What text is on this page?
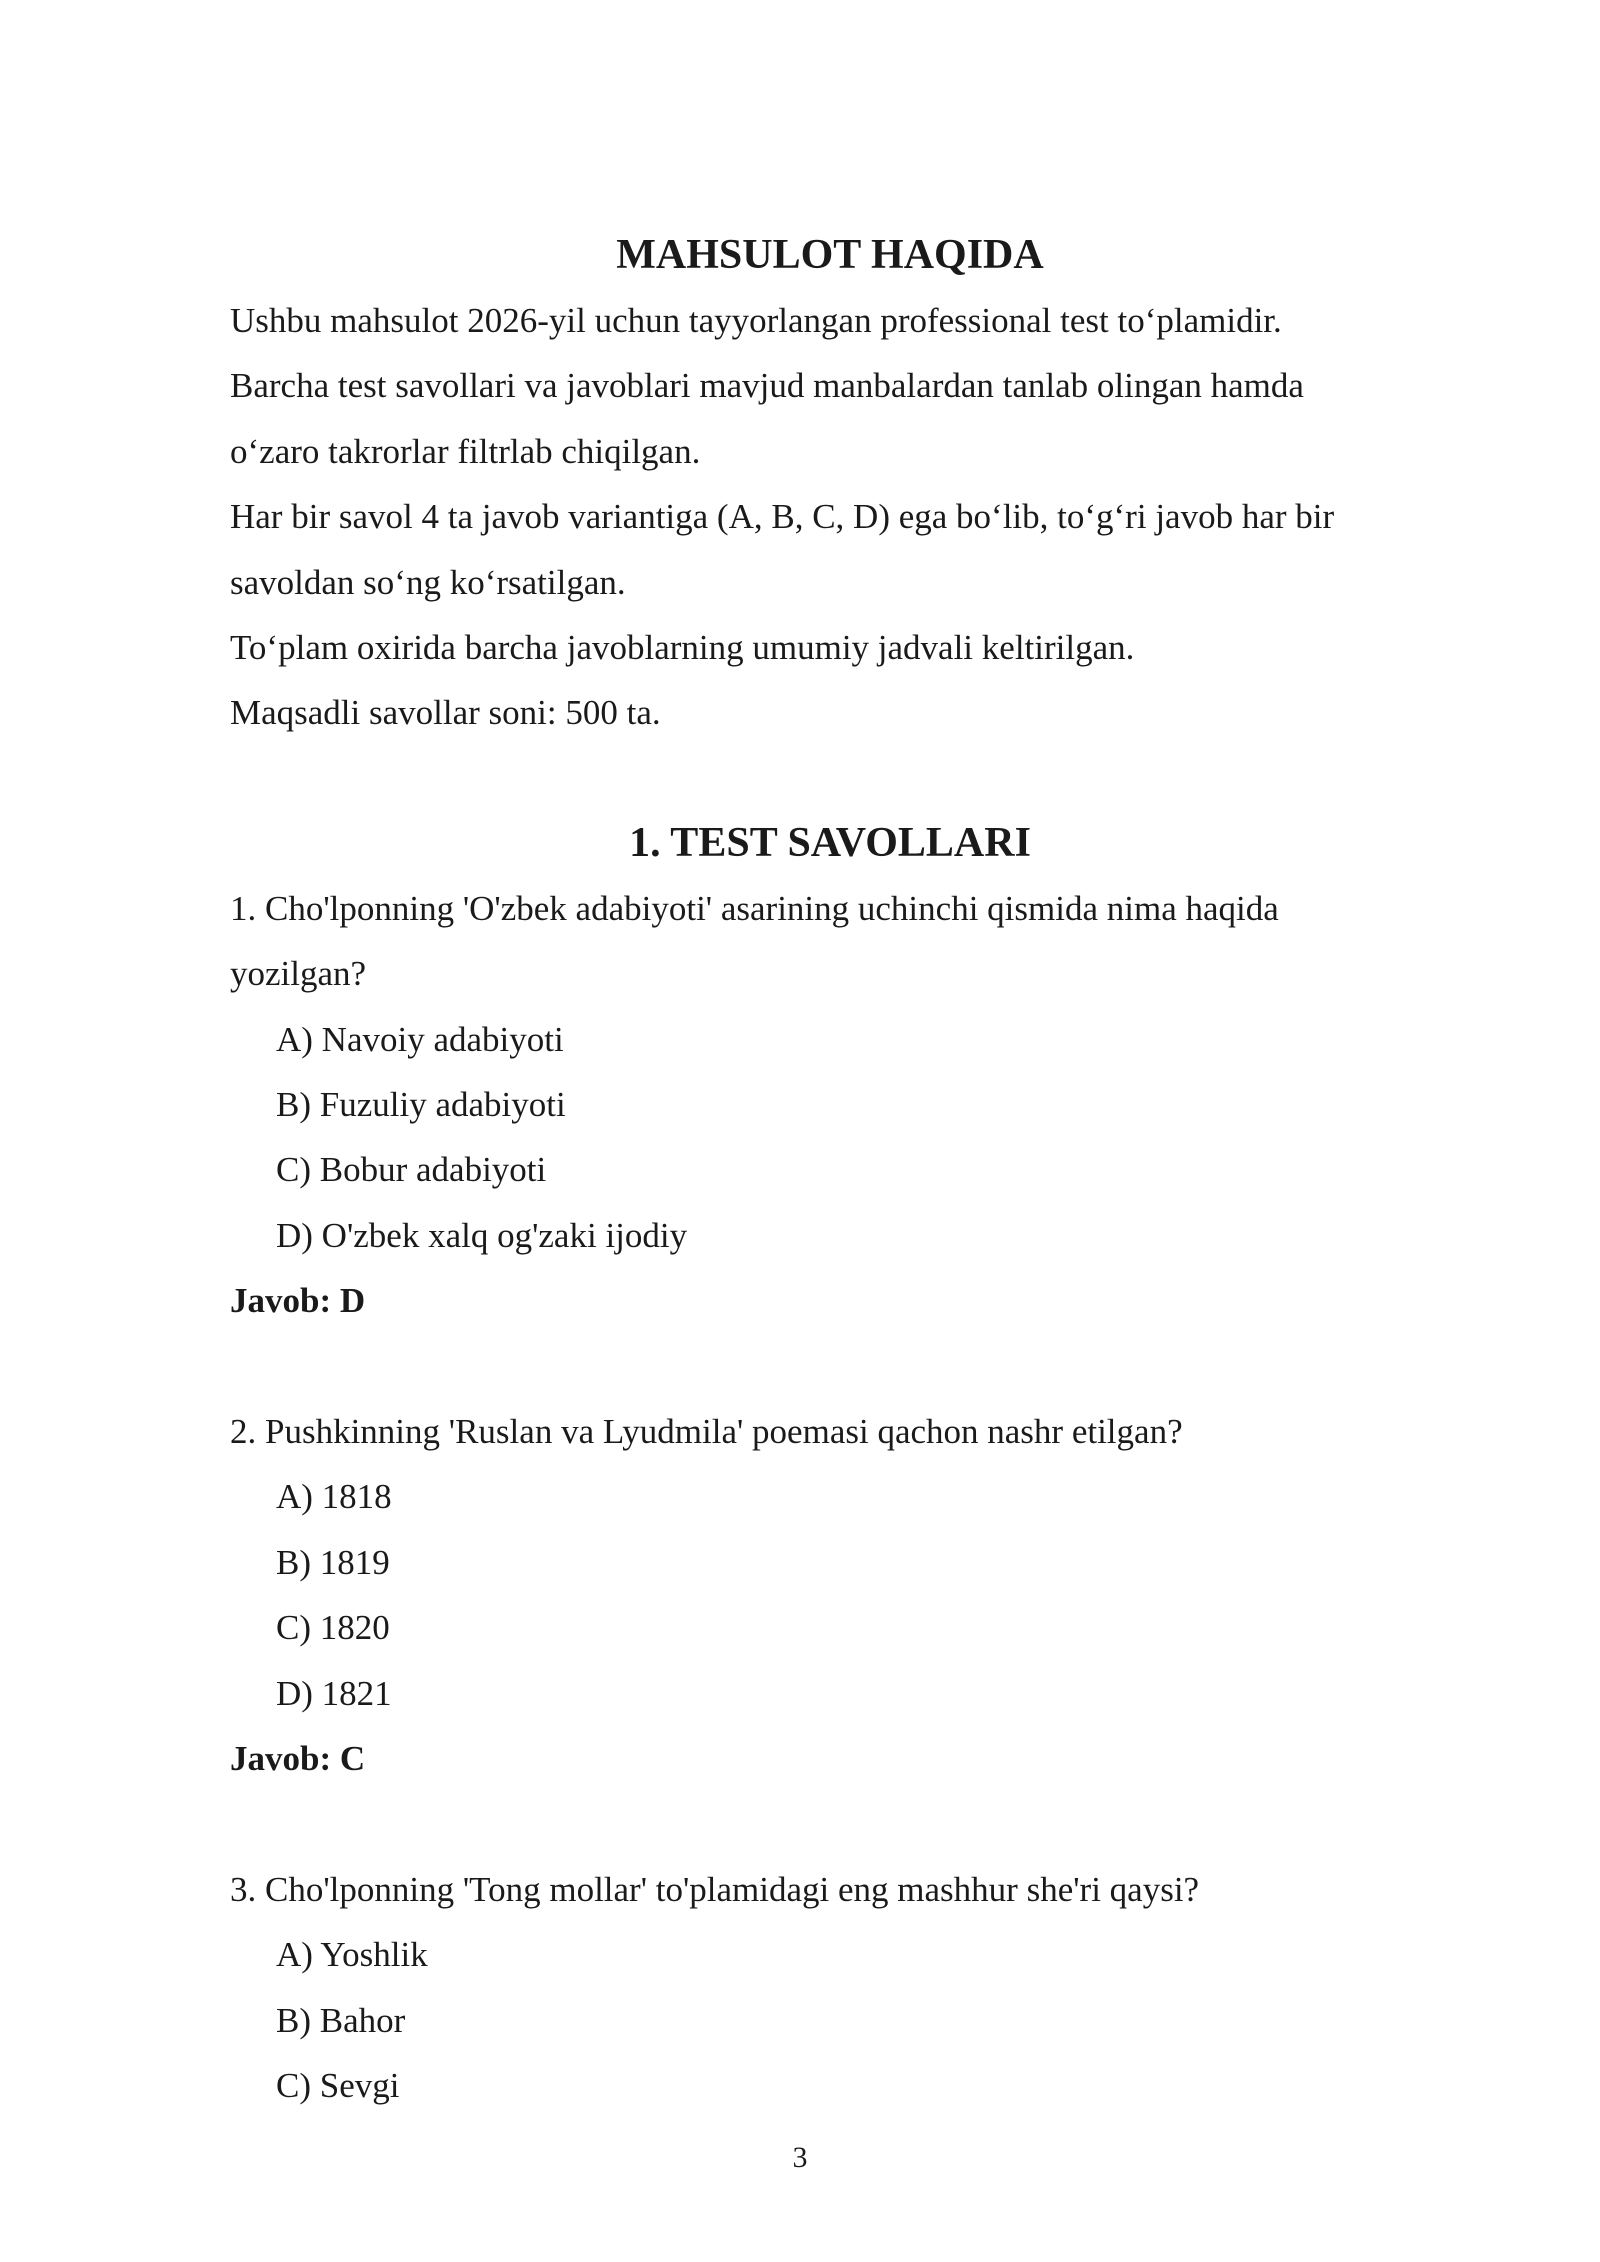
MAHSULOT HAQIDA

Ushbu mahsulot 2026-yil uchun tayyorlangan professional test to‘plamidir.

Barcha test savollari va javoblari mavjud manbalardan tanlab olingan hamda

o‘zaro takrorlar filtrlab chiqilgan.

Har bir savol 4 ta javob variantiga (A, B, C, D) ega bo‘lib, to‘g‘ri javob har bir

savoldan so‘ng ko‘rsatilgan.

To‘plam oxirida barcha javoblarning umumiy jadvali keltirilgan.

Maqsadli savollar soni: 500 ta.

1. TEST SAVOLLARI

1. Cho'lponning 'O'zbek adabiyoti' asarining uchinchi qismida nima haqida

yozilgan?

A) Navoiy adabiyoti

B) Fuzuliy adabiyoti

C) Bobur adabiyoti

D) O'zbek xalq og'zaki ijodiy

Javob: D

2. Pushkinning 'Ruslan va Lyudmila' poemasi qachon nashr etilgan?

A) 1818

B) 1819

C) 1820

D) 1821

Javob: C

3. Cho'lponning 'Tong mollar' to'plamidagi eng mashhur she'ri qaysi?

A) Yoshlik

B) Bahor

C) Sevgi

3
